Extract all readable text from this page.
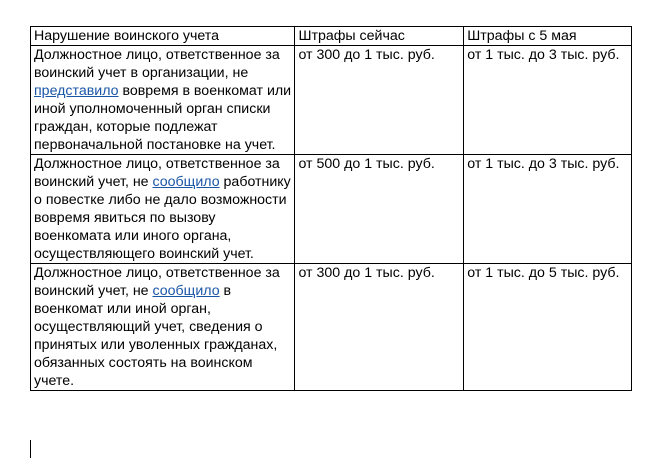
Нарушение воинского учета	Штрафы сейчас	Штрафы с 5 мая
Должностное лицо, ответственное за воинский учет в организации, не представило вовремя в военкомат или иной уполномоченный орган списки граждан, которые подлежат первоначальной постановке на учет.	от 300 до 1 тыс. руб.	от 1 тыс. до 3 тыс. руб.
Должностное лицо, ответственное за воинский учет, не сообщило работнику о повестке либо не дало возможности вовремя явиться по вызову военкомата или иного органа, осуществляющего воинский учет.	от 500 до 1 тыс. руб.	от 1 тыс. до 3 тыс. руб.
Должностное лицо, ответственное за воинский учет, не сообщило в военкомат или иной орган, осуществляющий учет, сведения о принятых или уволенных гражданах, обязанных состоять на воинском учете.	от 300 до 1 тыс. руб.	от 1 тыс. до 5 тыс. руб.
